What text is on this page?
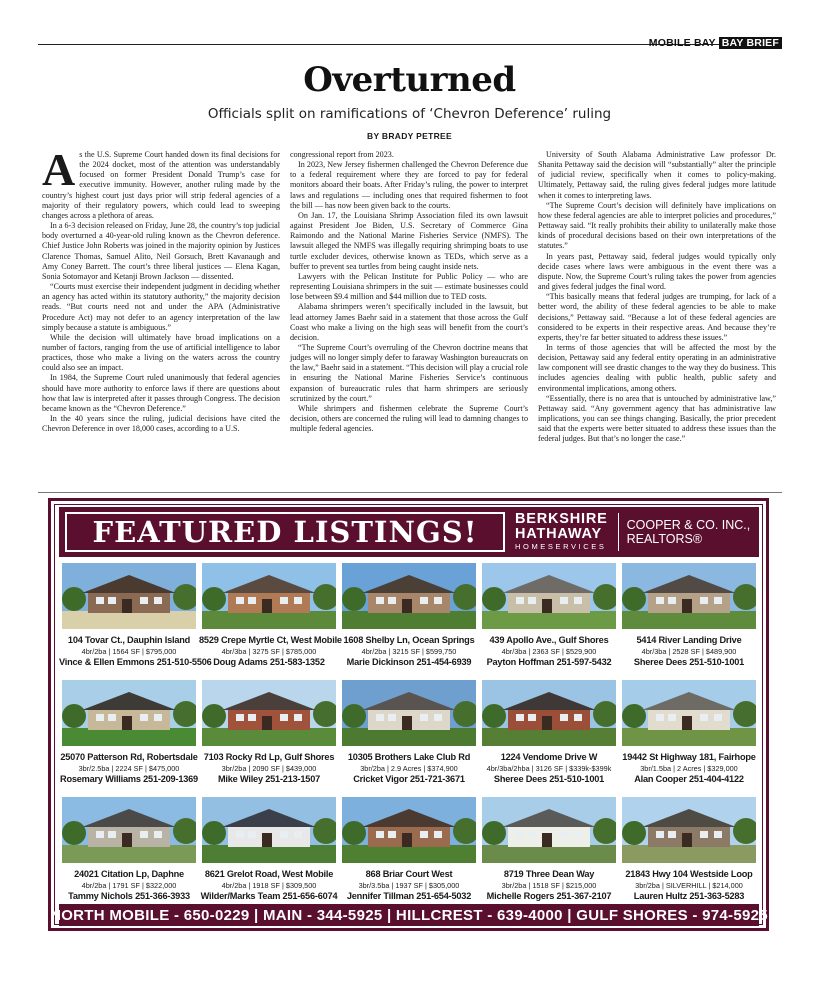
MOBILE BAY BAY BRIEF
Overturned
Officials split on ramifications of ‘Chevron Deference’ ruling
BY BRADY PETREE
A s the U.S. Supreme Court handed down its final decisions for the 2024 docket, most of the attention was understandably focused on former President Donald Trump’s case for executive immunity. However, another ruling made by the country’s highest court just days prior will strip federal agencies of a majority of their regulatory powers, which could lead to sweeping changes across a plethora of areas.

In a 6-3 decision released on Friday, June 28, the country’s top judicial body overturned a 40-year-old ruling known as the Chevron deference. Chief Justice John Roberts was joined in the majority opinion by Justices Clarence Thomas, Samuel Alito, Neil Gorsuch, Brett Kavanaugh and Amy Coney Barrett. The court’s three liberal justices — Elena Kagan, Sonia Sotomayor and Ketanji Brown Jackson — dissented.

“Courts must exercise their independent judgment in deciding whether an agency has acted within its statutory authority,” the majority decision reads. “But courts need not and under the APA (Administrative Procedure Act) may not defer to an agency interpretation of the law simply because a statute is ambiguous.”

While the decision will ultimately have broad implications on a number of factors, ranging from the use of artificial intelligence to labor practices, those who make a living on the waters across the country could also see an impact.

In 1984, the Supreme Court ruled unanimously that federal agencies should have more authority to enforce laws if there are questions about how that law is interpreted after it passes through Congress. The decision became known as the “Chevron Deference.”

In the 40 years since the ruling, judicial decisions have cited the Chevron Deference in over 18,000 cases, according to a U.S.

congressional report from 2023.

In 2023, New Jersey fishermen challenged the Chevron Deference due to a federal requirement where they are forced to pay for federal monitors aboard their boats. After Friday’s ruling, the power to interpret laws and regulations — including ones that required fishermen to foot the bill — has now been given back to the courts.

On Jan. 17, the Louisiana Shrimp Association filed its own lawsuit against President Joe Biden, U.S. Secretary of Commerce Gina Raimondo and the National Marine Fisheries Service (NMFS). The lawsuit alleged the NMFS was illegally requiring shrimping boats to use turtle excluder devices, otherwise known as TEDs, which serve as a buffer to prevent sea turtles from being caught inside nets.

Lawyers with the Pelican Institute for Public Policy — who are representing Louisiana shrimpers in the suit — estimate businesses could lose between $9.4 million and $44 million due to TED costs.

Alabama shrimpers weren’t specifically included in the lawsuit, but lead attorney James Baehr said in a statement that those across the Gulf Coast who make a living on the high seas will benefit from the court’s decision.

“The Supreme Court’s overruling of the Chevron doctrine means that judges will no longer simply defer to faraway Washington bureaucrats on the law,” Baehr said in a statement. “This decision will play a crucial role in ensuring the National Marine Fisheries Service’s continuous expansion of bureaucratic rules that harm shrimpers are seriously scrutinized by the court.”

While shrimpers and fishermen celebrate the Supreme Court’s decision, others are concerned the ruling will lead to damning changes to multiple federal agencies.

University of South Alabama Administrative Law professor Dr. Shanita Pettaway said the decision will “substantially” alter the principle of judicial review, specifically when it comes to policy-making. Ultimately, Pettaway said, the ruling gives federal judges more latitude when it comes to interpreting laws.

“The Supreme Court’s decision will definitely have implications on how these federal agencies are able to interpret policies and procedures,” Pettaway said. “It really prohibits their ability to unilaterally make those kinds of procedural decisions based on their own interpretations of the statutes.”

In years past, Pettaway said, federal judges would typically only decide cases where laws were ambiguous in the event there was a dispute. Now, the Supreme Court’s ruling takes the power from agencies and gives federal judges the final word.

“This basically means that federal judges are trumping, for lack of a better word, the ability of these federal agencies to be able to make decisions,” Pettaway said. “Because a lot of these federal agencies are considered to be experts in their respective areas. And because they’re experts, they’re far better situated to address these issues.”

In terms of those agencies that will be affected the most by the decision, Pettaway said any federal entity operating in an administrative law component will see drastic changes to the way they do business. This includes agencies dealing with public health, public safety and environmental implications, among others.

“Essentially, there is no area that is untouched by administrative law,” Pettaway said. “Any government agency that has administrative law implications, you can see things changing. Basically, the prior precedent said that the experts were better situated to address these issues than the federal judges. But that’s no longer the case.”

FEATURED LISTINGS!	BERKSHIRE
HATHAWAY
HOMESERVICES
COOPER & CO. INC.,
REALTORS®
104 Tovar Ct., Dauphin Island
4br/2ba | 1564 SF | $795,000
Vince & Ellen Emmons 251-510-5506
8529 Crepe Myrtle Ct, West Mobile
4br/3ba | 3275 SF | $785,000
Doug Adams 251-583-1352
1608 Shelby Ln, Ocean Springs
4br/2ba | 3215 SF | $599,750
Marie Dickinson 251-454-6939
439 Apollo Ave., Gulf Shores
4br/3ba | 2363 SF | $529,900
Payton Hoffman 251-597-5432
5414 River Landing Drive
4br/3ba | 2528 SF | $489,900
Sheree Dees 251-510-1001
25070 Patterson Rd, Robertsdale
3br/2.5ba | 2224 SF | $475,000
Rosemary Williams 251-209-1369
7103 Rocky Rd Lp, Gulf Shores
3br/2ba | 2090 SF | $439,000
Mike Wiley 251-213-1507
10305 Brothers Lake Club Rd
3br/2ba | 2.9 Acres | $374,900
Cricket Vigor 251-721-3671
1224 Vendome Drive W
4br/3ba/2hba | 3126 SF | $339k-$399k
Sheree Dees 251-510-1001
19442 St Highway 181, Fairhope
3br/1.5ba | 2 Acres | $329,000
Alan Cooper 251-404-4122
24021 Citation Lp, Daphne
4br/2ba | 1791 SF | $322,000
Tammy Nichols 251-366-3933
8621 Grelot Road, West Mobile
4br/2ba | 1918 SF | $309,500
Wilder/Marks Team 251-656-6074
868 Briar Court West
3br/3.5ba | 1937 SF | $305,000
Jennifer Tillman 251-654-5032
8719 Three Dean Way
3br/2ba | 1518 SF | $215,000
Michelle Rogers 251-367-2107
21843 Hwy 104 Westside Loop
3br/2ba | SILVERHILL | $214,000
Lauren Hultz 251-363-5283
NORTH MOBILE - 650-0229 | MAIN - 344-5925 | HILLCREST - 639-4000 | GULF SHORES - 974-5925
